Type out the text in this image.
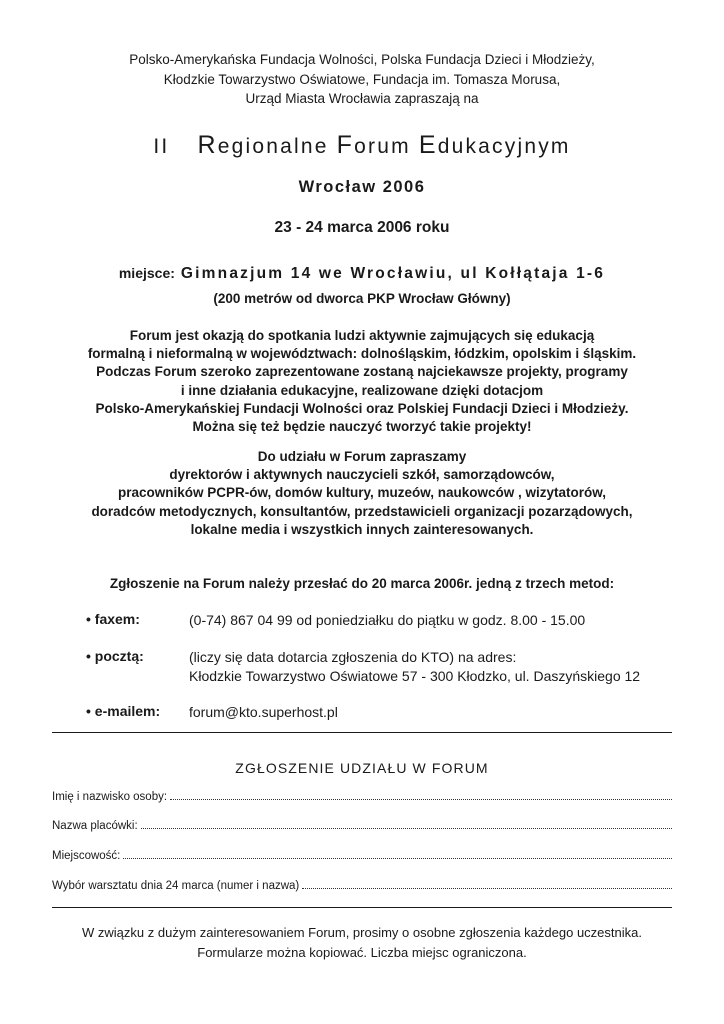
Polsko-Amerykańska Fundacja Wolności, Polska Fundacja Dzieci i Młodzieży,
Kłodzkie Towarzystwo Oświatowe, Fundacja im. Tomasza Morusa,
Urząd Miasta Wrocławia zapraszają na
II Regionalne Forum Edukacyjnym
Wrocław 2006
23 - 24 marca 2006 roku
miejsce: Gimnazjum 14 we Wrocławiu, ul Kołłątaja 1-6
(200 metrów od dworca PKP Wrocław Główny)
Forum jest okazją do spotkania ludzi aktywnie zajmujących się edukacją
formalną i nieformalną w województwach: dolnośląskim, łódzkim, opolskim i śląskim.
Podczas Forum szeroko zaprezentowane zostaną najciekawsze projekty, programy
i inne działania edukacyjne, realizowane dzięki dotacjom
Polsko-Amerykańskiej Fundacji Wolności oraz Polskiej Fundacji Dzieci i Młodzieży.
Można się też będzie nauczyć tworzyć takie projekty!
Do udziału w Forum zapraszamy
dyrektorów i aktywnych nauczycieli szkół, samorządowców,
pracowników PCPR-ów, domów kultury, muzeów, naukowców , wizytatorów,
doradców metodycznych, konsultantów, przedstawicieli organizacji pozarządowych,
lokalne media i wszystkich innych zainteresowanych.
Zgłoszenie na Forum należy przesłać do 20 marca 2006r. jedną z trzech metod:
• faxem:	(0-74) 867 04 99 od poniedziałku do piątku w godz. 8.00 - 15.00
• pocztą:	(liczy się data dotarcia zgłoszenia do KTO) na adres:
Kłodzkie Towarzystwo Oświatowe 57 - 300 Kłodzko, ul. Daszyńskiego 12
• e-mailem: forum@kto.superhost.pl
ZGŁOSZENIE UDZIAŁU W FORUM
Imię i nazwisko osoby:
Nazwa placówki:
Miejscowość:
Wybór warsztatu dnia 24 marca (numer i nazwa)
W związku z dużym zainteresowaniem Forum, prosimy o osobne zgłoszenia każdego uczestnika.
Formularze można kopiować. Liczba miejsc ograniczona.
